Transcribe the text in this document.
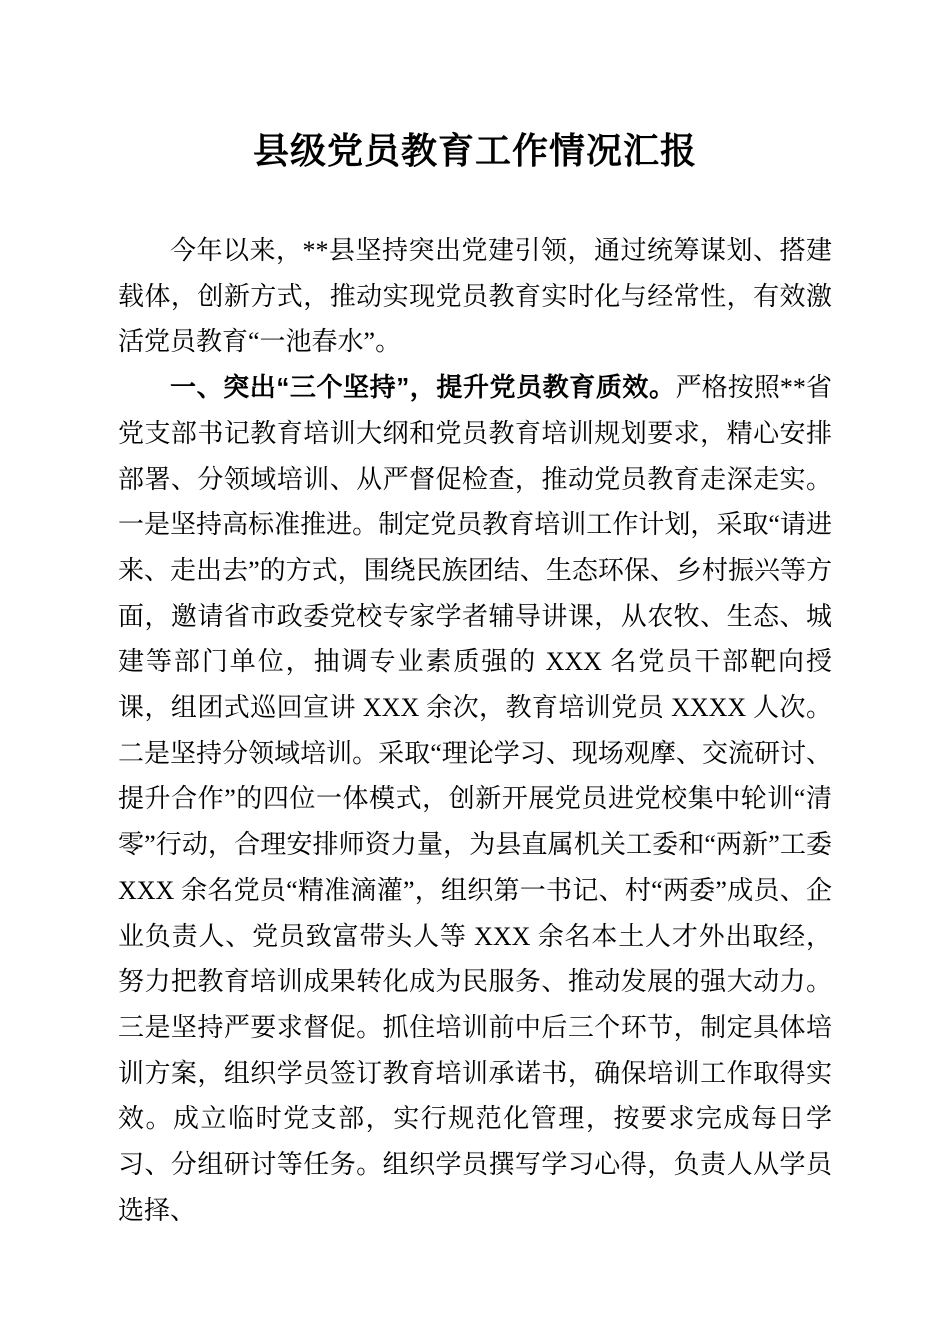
县级党员教育工作情况汇报

今年以来，**县坚持突出党建引领，通过统筹谋划、搭建载体，创新方式，推动实现党员教育实时化与经常性，有效激活党员教育“一池春水”。

一、突出“三个坚持”，提升党员教育质效。严格按照**省党支部书记教育培训大纲和党员教育培训规划要求，精心安排部署、分领域培训、从严督促检查，推动党员教育走深走实。一是坚持高标准推进。制定党员教育培训工作计划，采取“请进来、走出去”的方式，围绕民族团结、生态环保、乡村振兴等方面，邀请省市政委党校专家学者辅导讲课，从农牧、生态、城建等部门单位，抽调专业素质强的 XXX 名党员干部靶向授课，组团式巡回宣讲 XXX 余次，教育培训党员 XXXX 人次。二是坚持分领域培训。采取“理论学习、现场观摩、交流研讨、提升合作”的四位一体模式，创新开展党员进党校集中轮训“清零”行动，合理安排师资力量，为县直属机关工委和“两新”工委 XXX 余名党员“精准滴灌”，组织第一书记、村“两委”成员、企业负责人、党员致富带头人等 XXX 余名本土人才外出取经，努力把教育培训成果转化成为民服务、推动发展的强大动力。三是坚持严要求督促。抓住培训前中后三个环节，制定具体培训方案，组织学员签订教育培训承诺书，确保培训工作取得实效。成立临时党支部，实行规范化管理，按要求完成每日学习、分组研讨等任务。组织学员撰写学习心得，负责人从学员选择、
